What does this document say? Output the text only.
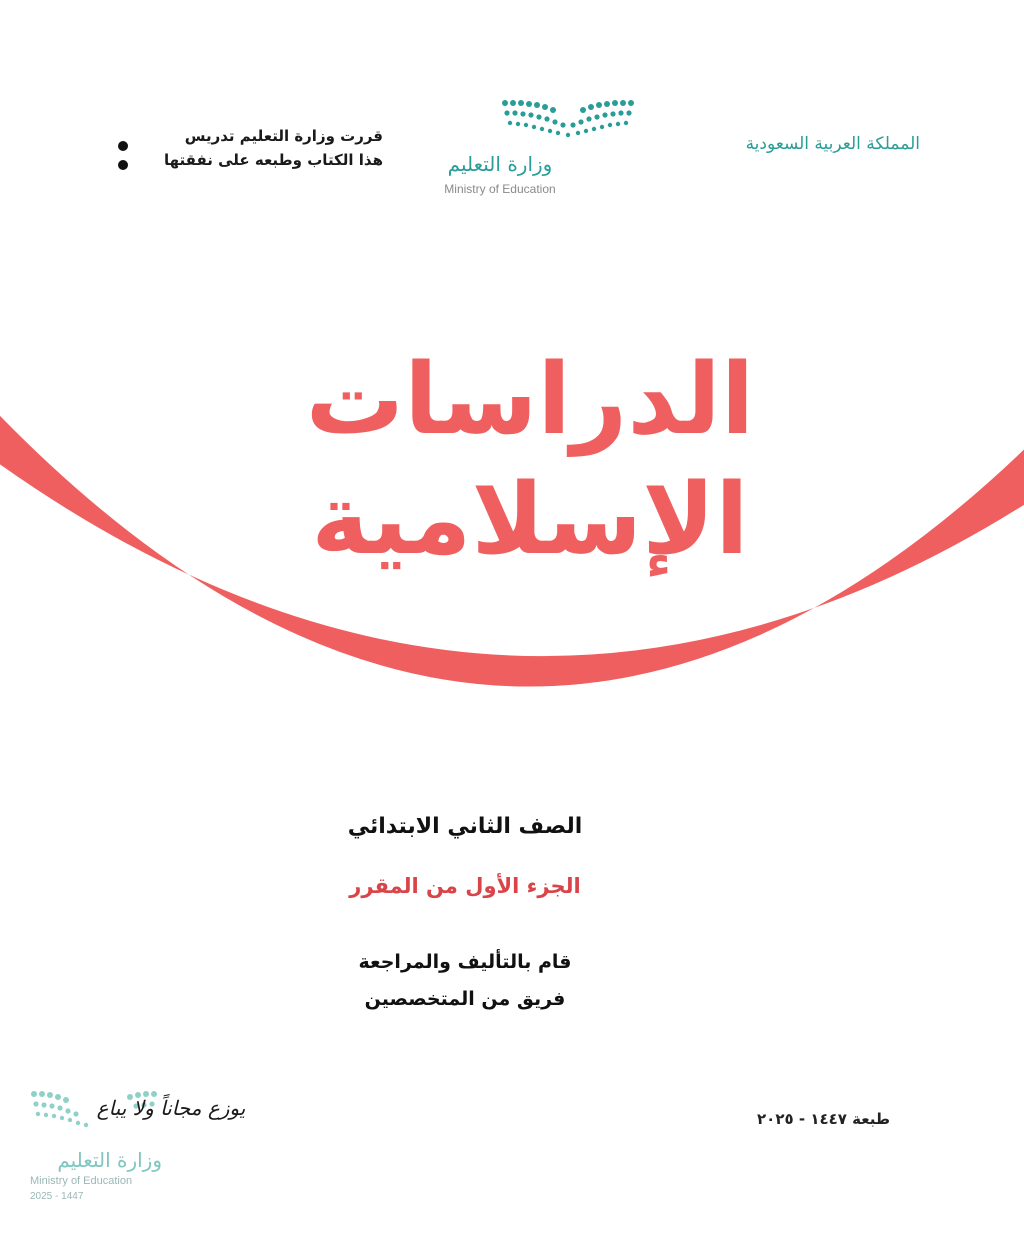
المملكة العربية السعودية
وزارة التعليم
Ministry of Education
قررت وزارة التعليم تدريس
هذا الكتاب وطبعه على نفقتها
الدراسات الإسلامية
الصف الثاني الابتدائي
الجزء الأول من المقرر
قام بالتأليف والمراجعة
فريق من المتخصصين
طبعة ١٤٤٧ - ٢٠٢٥
يوزع مجاناً ولا يباع
وزارة التعليم
Ministry of Education
2025 - 1447
